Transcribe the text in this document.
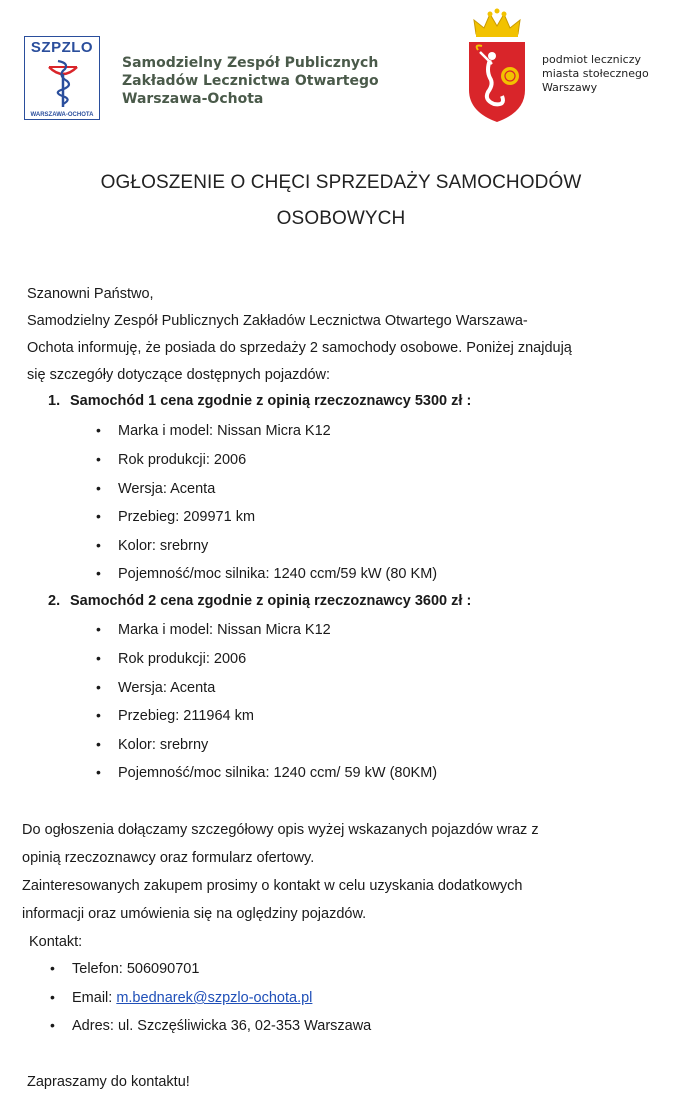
SZPZLO
WARSZAWA-OCHOTA
Samodzielny Zespół Publicznych
Zakładów Lecznictwa Otwartego
Warszawa-Ochota
podmiot leczniczy
miasta stołecznego
Warszawy
OGŁOSZENIE O CHĘCI SPRZEDAŻY SAMOCHODÓW
OSOBOWYCH
Szanowni Państwo,
Samodzielny Zespół Publicznych Zakładów Lecznictwa Otwartego Warszawa-
Ochota informuję, że posiada do sprzedaży 2 samochody osobowe. Poniżej znajdują
się szczegóły dotyczące dostępnych pojazdów:
1. Samochód 1 cena zgodnie z opinią rzeczoznawcy 5300 zł :
• Marka i model: Nissan Micra K12
• Rok produkcji: 2006
• Wersja: Acenta
• Przebieg: 209971 km
• Kolor: srebrny
• Pojemność/moc silnika: 1240 ccm/59 kW (80 KM)
2. Samochód 2 cena zgodnie z opinią rzeczoznawcy 3600 zł :
• Marka i model: Nissan Micra K12
• Rok produkcji: 2006
• Wersja: Acenta
• Przebieg: 211964 km
• Kolor: srebrny
• Pojemność/moc silnika: 1240 ccm/ 59 kW (80KM)
Do ogłoszenia dołączamy szczegółowy opis wyżej wskazanych pojazdów wraz z
opinią rzeczoznawcy oraz formularz ofertowy.
Zainteresowanych zakupem prosimy o kontakt w celu uzyskania dodatkowych
informacji oraz umówienia się na oględziny pojazdów.
Kontakt:
• Telefon: 506090701
• Email: m.bednarek@szpzlo-ochota.pl
• Adres: ul. Szczęśliwicka 36, 02-353 Warszawa
Zapraszamy do kontaktu!
